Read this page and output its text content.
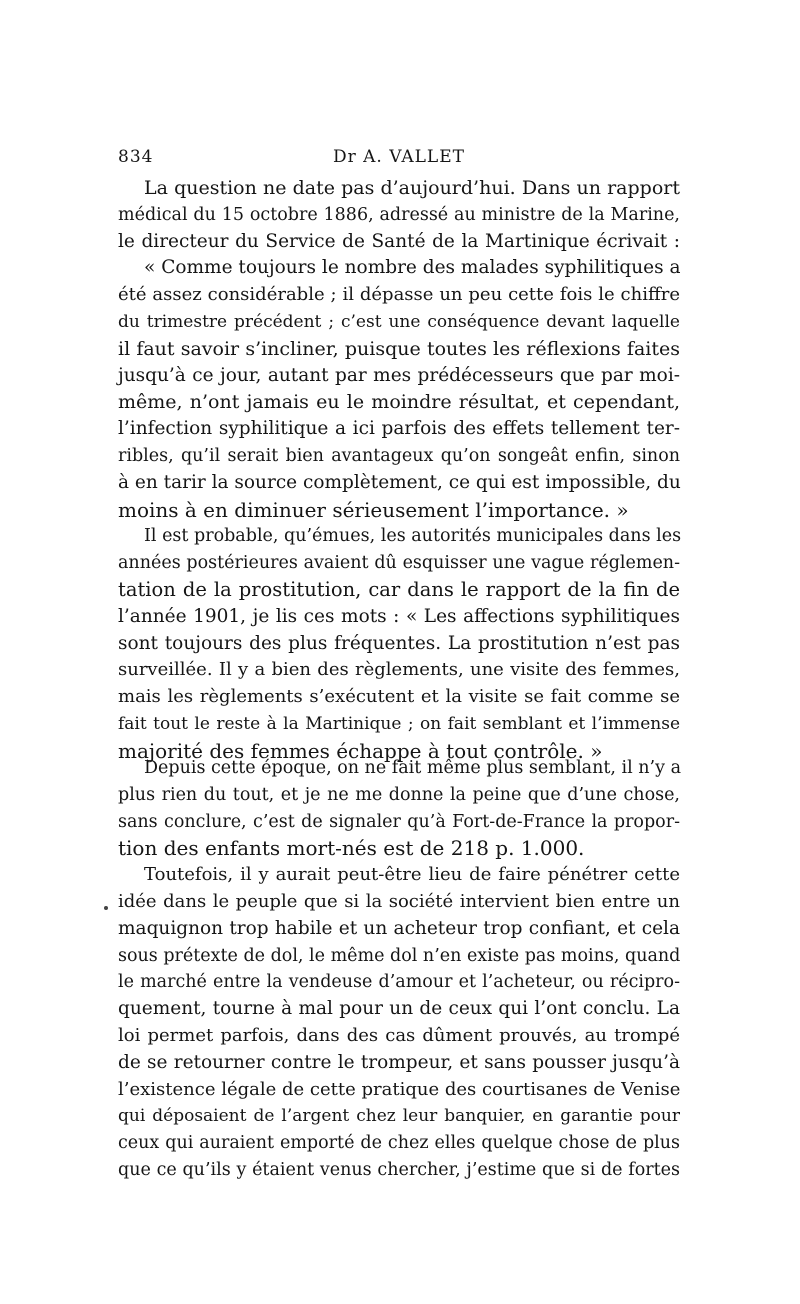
834	Dr A. VALLET
La question ne date pas d’aujourd’hui. Dans un rapport
médical du 15 octobre 1886, adressé au ministre de la Marine,
le directeur du Service de Santé de la Martinique écrivait :
« Comme toujours le nombre des malades syphilitiques a
été assez considérable ; il dépasse un peu cette fois le chiffre
du trimestre précédent ; c’est une conséquence devant laquelle
il faut savoir s’incliner, puisque toutes les réflexions faites
jusqu’à ce jour, autant par mes prédécesseurs que par moi-
même, n’ont jamais eu le moindre résultat, et cependant,
l’infection syphilitique a ici parfois des effets tellement ter-
ribles, qu’il serait bien avantageux qu’on songeât enfin, sinon
à en tarir la source complètement, ce qui est impossible, du
moins à en diminuer sérieusement l’importance. »
Il est probable, qu’émues, les autorités municipales dans les
années postérieures avaient dû esquisser une vague réglemen-
tation de la prostitution, car dans le rapport de la fin de
l’année 1901, je lis ces mots : « Les affections syphilitiques
sont toujours des plus fréquentes. La prostitution n’est pas
surveillée. Il y a bien des règlements, une visite des femmes,
mais les règlements s’exécutent et la visite se fait comme se
fait tout le reste à la Martinique ; on fait semblant et l’immense
majorité des femmes échappe à tout contrôle. »
Depuis cette époque, on ne fait même plus semblant, il n’y a
plus rien du tout, et je ne me donne la peine que d’une chose,
sans conclure, c’est de signaler qu’à Fort-de-France la propor-
tion des enfants mort-nés est de 218 p. 1.000.
Toutefois, il y aurait peut-être lieu de faire pénétrer cette
idée dans le peuple que si la société intervient bien entre un
maquignon trop habile et un acheteur trop confiant, et cela
sous prétexte de dol, le même dol n’en existe pas moins, quand
le marché entre la vendeuse d’amour et l’acheteur, ou récipro-
quement, tourne à mal pour un de ceux qui l’ont conclu. La
loi permet parfois, dans des cas dûment prouvés, au trompé
de se retourner contre le trompeur, et sans pousser jusqu’à
l’existence légale de cette pratique des courtisanes de Venise
qui déposaient de l’argent chez leur banquier, en garantie pour
ceux qui auraient emporté de chez elles quelque chose de plus
que ce qu’ils y étaient venus chercher, j’estime que si de fortes
